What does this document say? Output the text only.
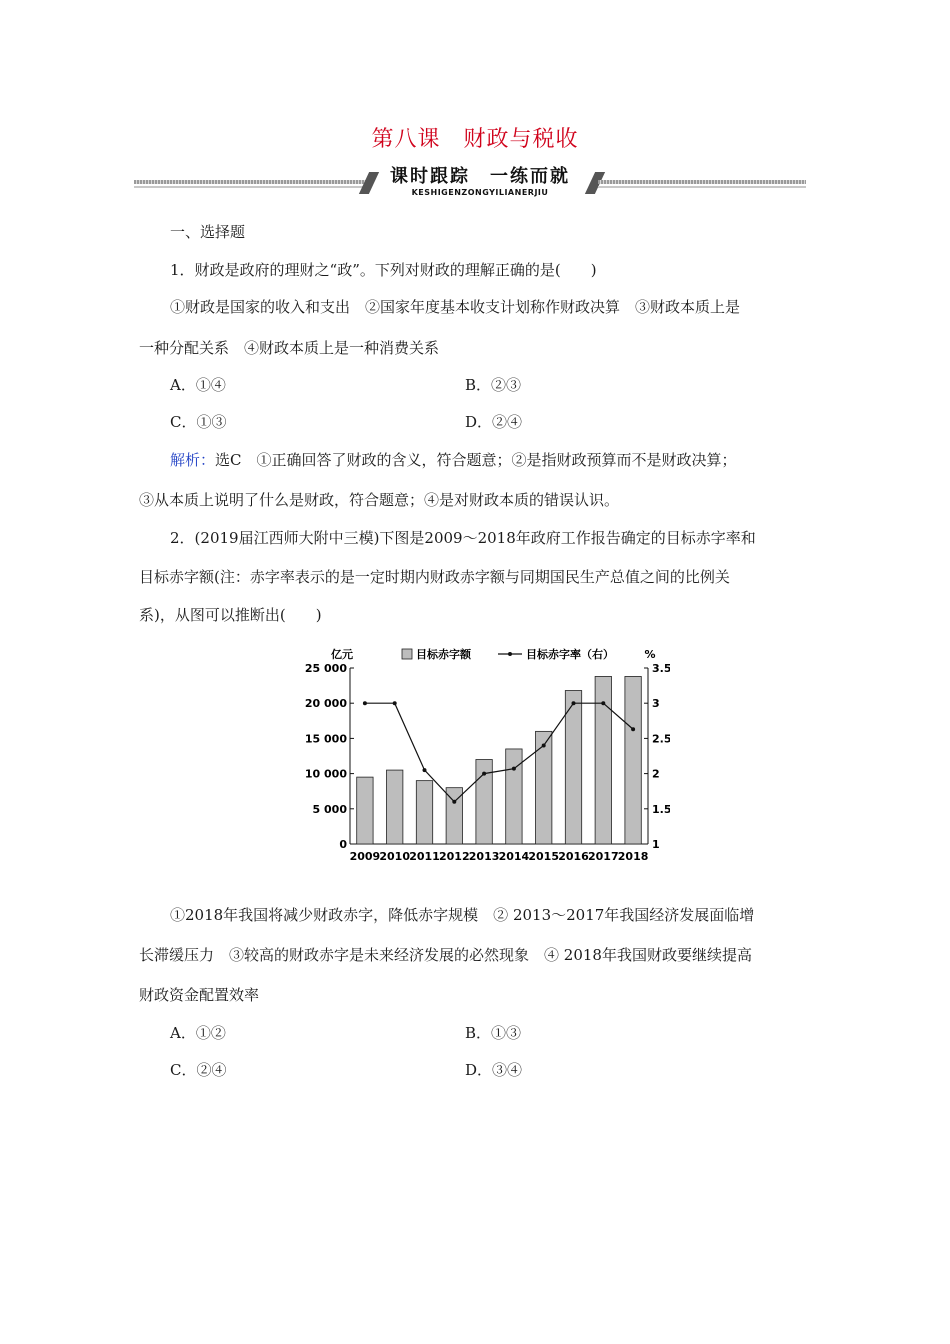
第八课　财政与税收
课时跟踪　一练而就
KESHIGENZONGYILIANERJIU
一、选择题
1．财政是政府的理财之“政”。下列对财政的理解正确的是(　　)
①财政是国家的收入和支出　②国家年度基本收支计划称作财政决算　③财政本质上是
一种分配关系　④财政本质上是一种消费关系
A．①④	B．②③
C．①③	D．②④
解析：选C　①正确回答了财政的含义，符合题意；②是指财政预算而不是财政决算；
③从本质上说明了什么是财政，符合题意；④是对财政本质的错误认识。
2．(2019届江西师大附中三模)下图是2009～2018年政府工作报告确定的目标赤字率和
目标赤字额(注：赤字率表示的是一定时期内财政赤字额与同期国民生产总值之间的比例关
系)，从图可以推断出(　　)
亿元	%
0
5 000
10 000
15 000
20 000
25 000
1
1.5
2
2.5
3
3.5
2009 2010 2011 2012 2013 2014 2015 2016 2017 2018
目标赤字额	目标赤字率（右）
①2018年我国将减少财政赤字，降低赤字规模　② 2013～2017年我国经济发展面临增
长滞缓压力　③较高的财政赤字是未来经济发展的必然现象　④ 2018年我国财政要继续提高
财政资金配置效率
A．①②	B．①③
C．②④	D．③④
